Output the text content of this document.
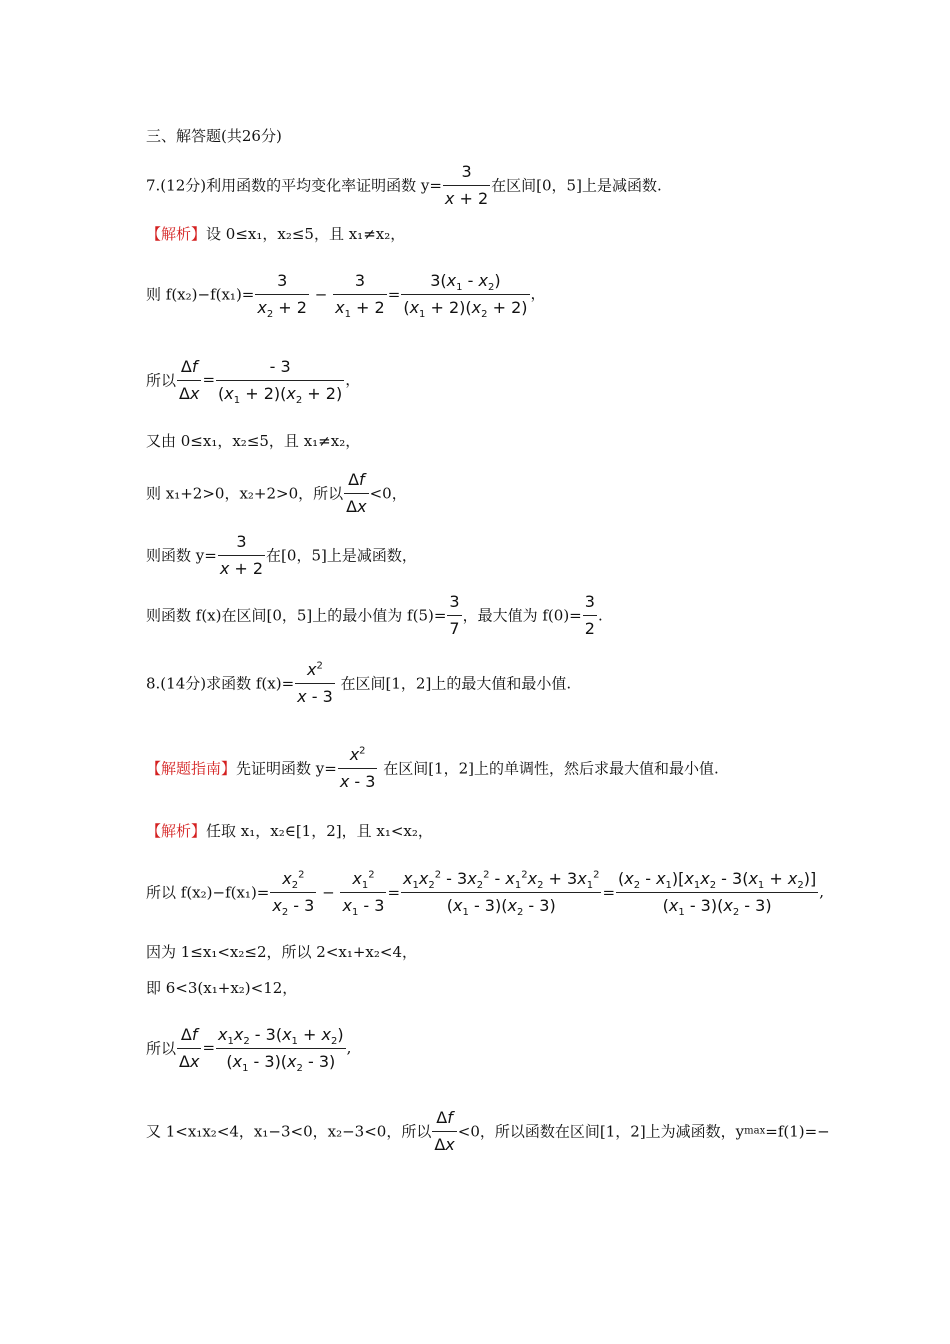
三、解答题(共26分)
7.(12分)利用函数的平均变化率证明函数 $y= \frac{3}{x + 2}$ 在区间[0，5]上是减函数.
【解析】设 0≤x₁，x₂≤5，且 x₁≠x₂，
则 $f(x_2)-f(x_1)= \frac{3}{x_2 + 2} - \frac{3}{x_1 + 2} = \frac{3(x_1 - x_2)}{(x_1 + 2)(x_2 + 2)}$ ，
所以 $\frac{\Delta f}{\Delta x} = \frac{- 3}{(x_1 + 2)(x_2 + 2)}$ ，
又由 0≤x₁，x₂≤5，且 x₁≠x₂，
则 x₁+2>0，x₂+2>0，所以 $\frac{\Delta f}{\Delta x} <0$，
则函数 $y= \frac{3}{x + 2}$ 在[0，5]上是减函数，
则函数 f(x)在区间[0，5]上的最小值为 $f(5)= \frac{3}{7}$ ，最大值为 $f(0)= \frac{3}{2}$ .
8.(14分)求函数 $f(x)= \frac{x^2}{x - 3}$ 在区间[1，2]上的最大值和最小值.
【解题指南】先证明函数 $y= \frac{x^2}{x - 3}$ 在区间[1，2]上的单调性，然后求最大值和最小值.
【解析】任取 x₁，x₂∈[1，2]，且 x₁<x₂，
所以 $f(x_2)-f(x_1)= \frac{x_2^2}{x_2 - 3} - \frac{x_1^2}{x_1 - 3} = \frac{x_1x_2^2 - 3x_2^2 - x_1^2x_2 + 3x_1^2}{(x_1 - 3)(x_2 - 3)} = \frac{(x_2 - x_1)[x_1x_2 - 3(x_1 + x_2)]}{(x_1 - 3)(x_2 - 3)}$ ,
因为 1≤x₁<x₂≤2，所以 2<x₁+x₂<4，
即 6<3(x₁+x₂)<12，
所以 $\frac{\Delta f}{\Delta x} = \frac{x_1x_2 - 3(x_1 + x_2)}{(x_1 - 3)(x_2 - 3)}$ ,
又 1<x₁x₂<4，x₁−3<0，x₂−3<0，所以 $\frac{\Delta f}{\Delta x} <0$，所以函数在区间[1，2]上为减函数，ymax=f(1)=−
